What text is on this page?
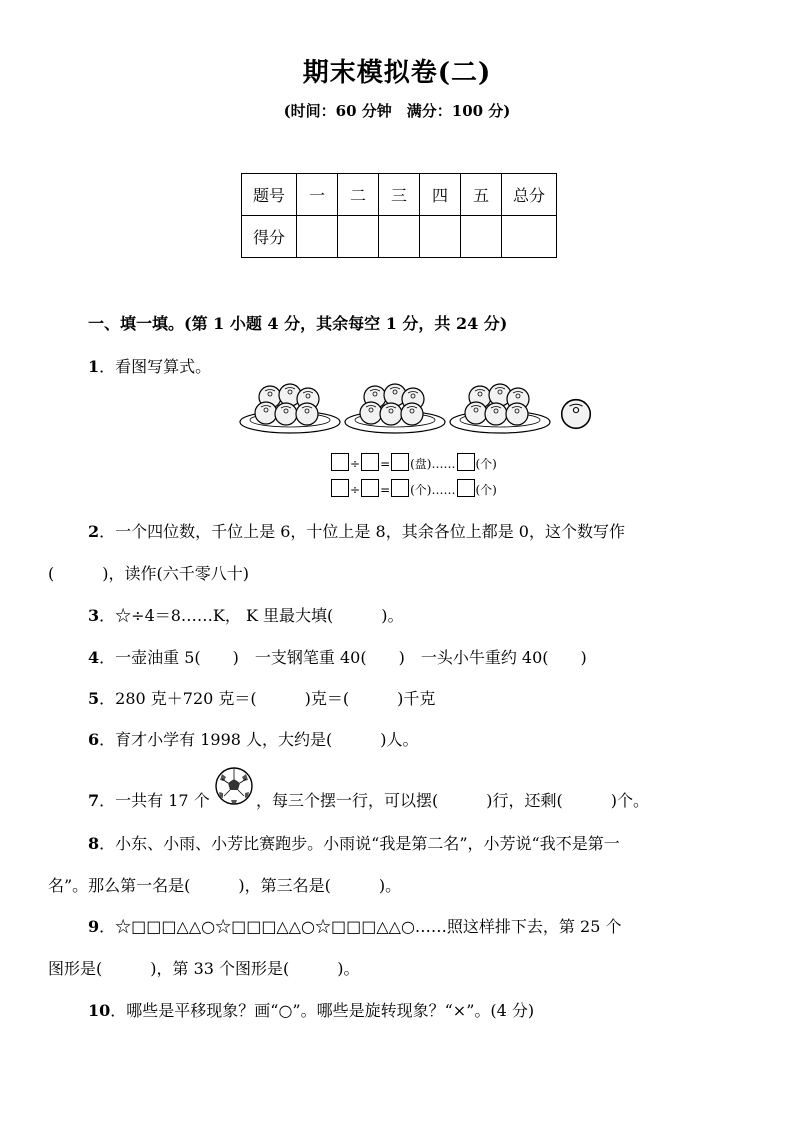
期末模拟卷(二)
(时间：60 分钟　满分：100 分)
题号	一	二	三	四	五	总分
得分						
一、填一填。(第 1 小题 4 分，其余每空 1 分，共 24 分)
1．看图写算式。
÷ = (盘)…… (个)
÷ = (个)…… (个)
2．一个四位数，千位上是 6，十位上是 8，其余各位上都是 0，这个数写作
(　　　)，读作(六千零八十)
3．☆÷4＝8……K， K 里最大填(　　　)。
4．一壶油重 5(　　)　一支钢笔重 40(　　)　一头小牛重约 40(　　)
5．280 克＋720 克＝(　　　)克＝(　　　)千克
6．育才小学有 1998 人，大约是(　　　)人。
7．一共有 17 个	，每三个摆一行，可以摆(　　　)行，还剩(　　　)个。
8．小东、小雨、小芳比赛跑步。小雨说“我是第二名”，小芳说“我不是第一
名”。那么第一名是(　　　)，第三名是(　　　)。
9．☆□□□△△○☆□□□△△○☆□□□△△○……照这样排下去，第 25 个
图形是(　　　)，第 33 个图形是(　　　)。
10．哪些是平移现象？画“○”。哪些是旋转现象？“×”。(4 分)
